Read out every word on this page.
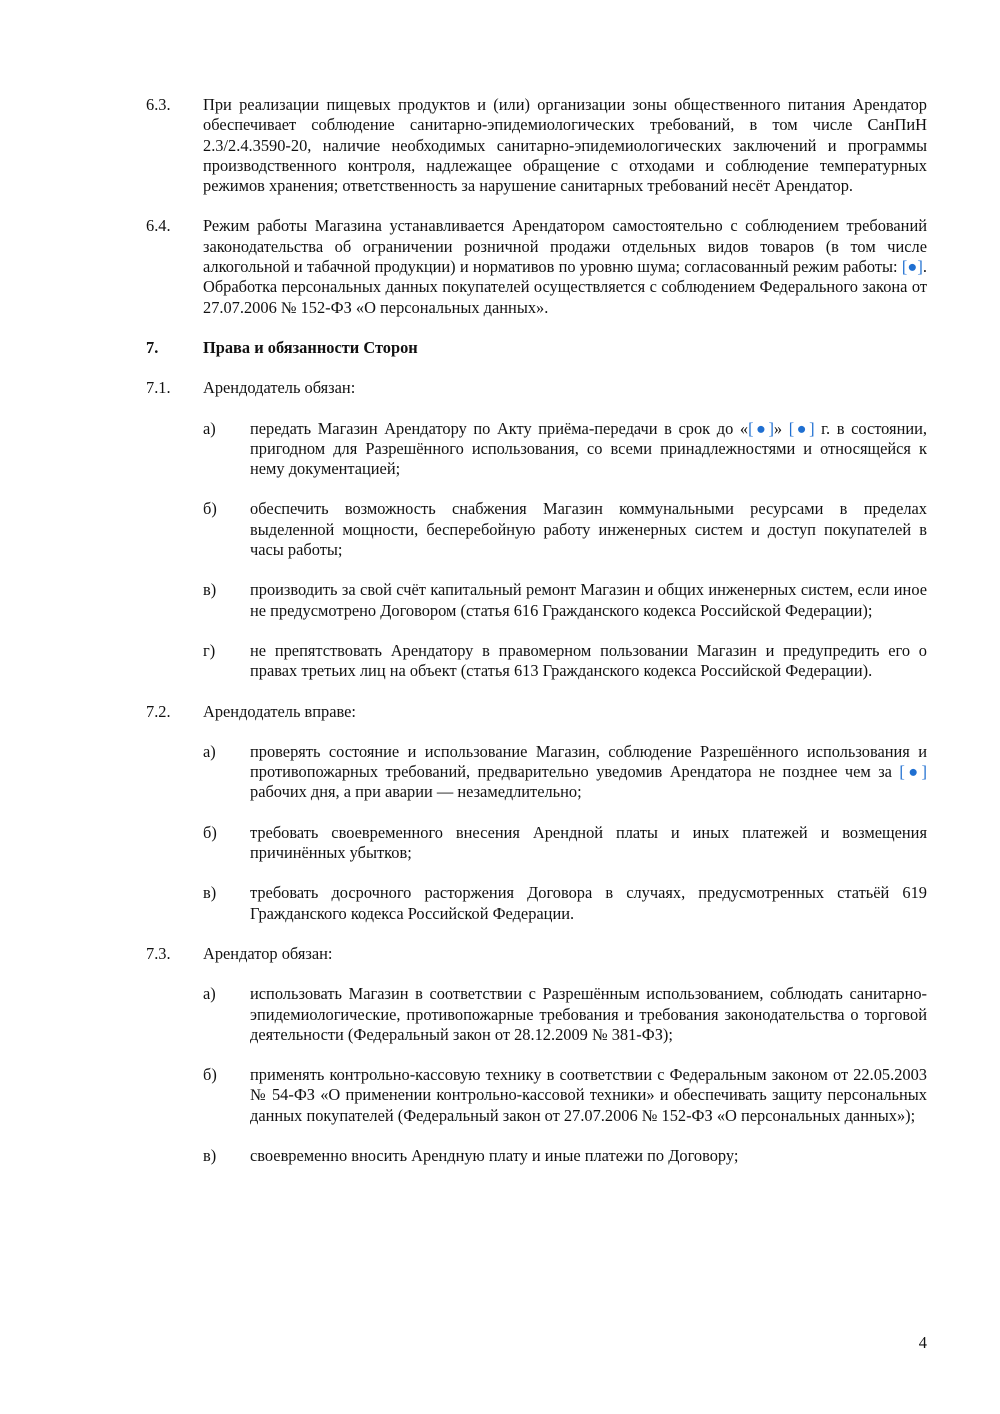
6.3.	При реализации пищевых продуктов и (или) организации зоны общественного питания Арендатор обеспечивает соблюдение санитарно-эпидемиологических требований, в том числе СанПиН 2.3/2.4.3590-20, наличие необходимых санитарно-эпидемиологических заключений и программы производственного контроля, надлежащее обращение с отходами и соблюдение температурных режимов хранения; ответственность за нарушение санитарных требований несёт Арендатор.
6.4.	Режим работы Магазина устанавливается Арендатором самостоятельно с соблюдением требований законодательства об ограничении розничной продажи отдельных видов товаров (в том числе алкогольной и табачной продукции) и нормативов по уровню шума; согласованный режим работы: [●]. Обработка персональных данных покупателей осуществляется с соблюдением Федерального закона от 27.07.2006 № 152-ФЗ «О персональных данных».
7.	Права и обязанности Сторон
7.1.	Арендодатель обязан:
а)	передать Магазин Арендатору по Акту приёма-передачи в срок до «[●]» [●] г. в состоянии, пригодном для Разрешённого использования, со всеми принадлежностями и относящейся к нему документацией;
б)	обеспечить возможность снабжения Магазин коммунальными ресурсами в пределах выделенной мощности, бесперебойную работу инженерных систем и доступ покупателей в часы работы;
в)	производить за свой счёт капитальный ремонт Магазин и общих инженерных систем, если иное не предусмотрено Договором (статья 616 Гражданского кодекса Российской Федерации);
г)	не препятствовать Арендатору в правомерном пользовании Магазин и предупредить его о правах третьих лиц на объект (статья 613 Гражданского кодекса Российской Федерации).
7.2.	Арендодатель вправе:
а)	проверять состояние и использование Магазин, соблюдение Разрешённого использования и противопожарных требований, предварительно уведомив Арендатора не позднее чем за [●] рабочих дня, а при аварии — незамедлительно;
б)	требовать своевременного внесения Арендной платы и иных платежей и возмещения причинённых убытков;
в)	требовать досрочного расторжения Договора в случаях, предусмотренных статьёй 619 Гражданского кодекса Российской Федерации.
7.3.	Арендатор обязан:
а)	использовать Магазин в соответствии с Разрешённым использованием, соблюдать санитарно-эпидемиологические, противопожарные требования и требования законодательства о торговой деятельности (Федеральный закон от 28.12.2009 № 381-ФЗ);
б)	применять контрольно-кассовую технику в соответствии с Федеральным законом от 22.05.2003 № 54-ФЗ «О применении контрольно-кассовой техники» и обеспечивать защиту персональных данных покупателей (Федеральный закон от 27.07.2006 № 152-ФЗ «О персональных данных»);
в)	своевременно вносить Арендную плату и иные платежи по Договору;
4
